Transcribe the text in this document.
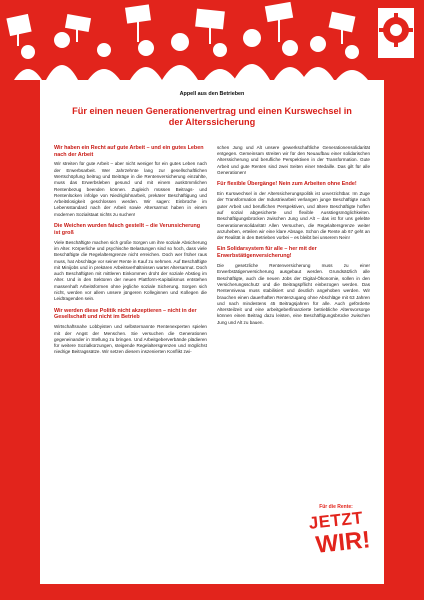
Appell aus den Betrieben
Für einen neuen Generationenvertrag und einen Kurswechsel in der Alterssicherung
Wir haben ein Recht auf gute Arbeit – und ein gutes Leben nach der Arbeit

Wir streiten für gute Arbeit – aber nicht weniger für ein gutes Leben nach der Erwerbsarbeit. Wer Jahrzehnte lang zur gesellschaftlichen Wertschöpfung beitrug und Beiträge in die Rentenversicherung einzahlte, muss das Erwerbsleben gesund und mit einem auskömmlichen Rentenbezug beenden können. Zugleich müssen Beitrags- und Rentenlücken infolge von Niedriglohnarbeit, prekärer Beschäftigung und Arbeitslosigkeit geschlossen werden. Wir sagen: Einbrüche im Lebensstandard nach der Arbeit sowie Altersarmut haben in einem modernen Sozialstaat nichts zu suchen!

Die Weichen wurden falsch gestellt – die Verunsicherung ist groß

Viele Beschäftigte machen sich große Sorgen um ihre soziale Absicherung im Alter. Körperliche und psychische Belastungen sind so hoch, dass viele Beschäftigte die Regelaltersgrenze nicht erreichen. Doch wer früher raus muss, hat Abschläge vor seiner Rente in Kauf zu nehmen. Auf Beschäftigte mit Minijobs und in prekären Arbeitsverhältnissen wartet Altersarmut. Doch auch Beschäftigten mit mittleren Einkommen droht der soziale Abstieg im Alter. Und in den Sektoren der neuen Plattform-Kapitalismus entstehen massenhaft Arbeitsformen ohne jegliche soziale Sicherung. Sorgen sich nicht, werden vor allem unsere jüngeren Kolleginnen und Kollegen die Leidtragenden sein.

Wir werden diese Politik nicht akzeptieren – nicht in der Gesellschaft und nicht im Betrieb

Wirtschaftsnahe Lobbyisten und selbsternannte Rentenexperten spielen mit der Angst der Menschen. Sie versuchen die Generationen gegeneinander in Stellung zu bringen. Und Arbeitgeberverbände plädieren für weitere Sozialkürzungen, steigende Regelaltersgrenzen und möglichst niedrige Beitragssätze. Wir setzen diesem inszenierten Konflikt zwi-

schen Jung und Alt unsere gewerkschaftliche Generationensolidarität entgegen. Gemeinsam streiten wir für den Neuaufbau einer solidarischen Alterssicherung und berufliche Perspektiven in der Transformation. Gute Arbeit und gute Renten sind zwei Seiten einer Medaille. Das gilt für alle Generationen!

Für flexible Übergänge! Nein zum Arbeiten ohne Ende!

Ein Kurswechsel in der Alterssicherungspolitik ist unverzichtbar. Im Zuge der Transformation der Industriearbeit verlangen junge Beschäftigte nach guter Arbeit und beruflichen Perspektiven, und ältere Beschäftigte hoffen auf sozial abgesicherte und flexible Ausstiegsmöglichkeiten. Beschäftigungsbrücken zwischen Jung und Alt – das ist für uns gelebte Generationensolidarität! Allen Versuchen, die Regelaltersgrenze weiter anzuheben, erteilen wir eine klare Absage. Schon die Rente ab 67 geht an der Realität in den Betrieben vorbei – es bleibt bei unserem Nein!

Ein Solidarsystem für alle – her mit der Erwerbstätigenversicherung!

Die gesetzliche Rentenversicherung muss zu einer Erwerbstätigenversicherung ausgebaut werden. Grundsätzlich alle Beschäftigte, auch die neuen Jobs der Digital-Ökonomie, sollen in den Versicherungsschutz und die Beitragspflicht einbezogen werden. Das Rentenniveau muss stabilisiert und deutlich angehoben werden. Wir brauchen einen dauerhaften Rentenzugang ohne Abschläge mit 63 Jahren und nach mindestens 45 Beitragsjahren für alle. Auch geförderte Altersteilzeit und eine arbeitgeberfinanzierte betriebliche Altersvorsorge können einen Beitrag dazu leisten, eine Beschäftigungsbrücke zwischen Jung und Alt zu bauen.

Für die Rente:
JETZT
WIR!
